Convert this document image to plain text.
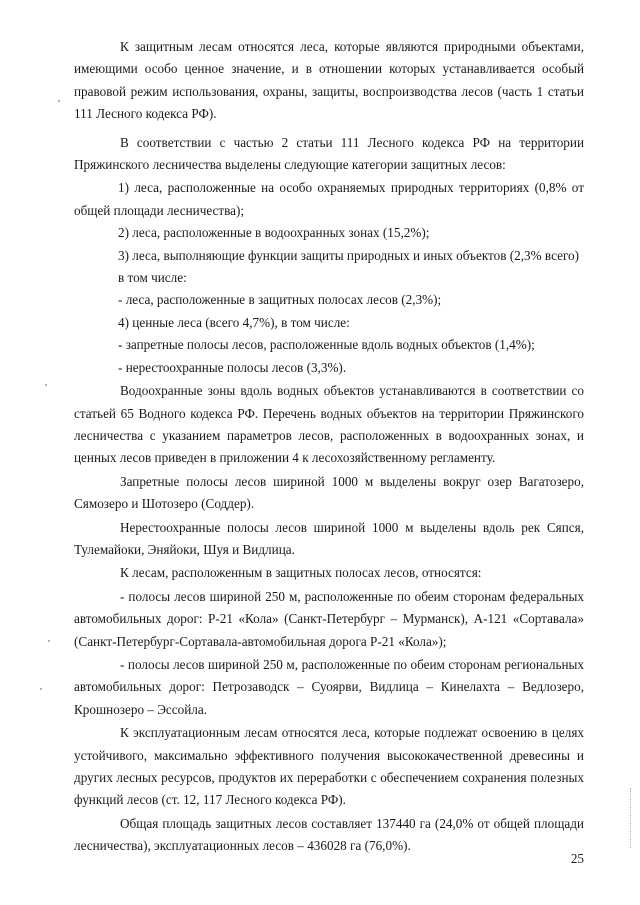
К защитным лесам относятся леса, которые являются природными объектами, имеющими особо ценное значение, и в отношении которых устанавливается особый правовой режим использования, охраны, защиты, воспроизводства лесов (часть 1 статьи 111 Лесного кодекса РФ).

В соответствии с частью 2 статьи 111 Лесного кодекса РФ на территории Пряжинского лесничества выделены следующие категории защитных лесов:

1) леса, расположенные на особо охраняемых природных территориях (0,8% от общей площади лесничества);

2) леса, расположенные в водоохранных зонах (15,2%);

3) леса, выполняющие функции защиты природных и иных объектов (2,3% всего)

в том числе:

- леса, расположенные в защитных полосах лесов (2,3%);

4) ценные леса (всего 4,7%), в том числе:

- запретные полосы лесов, расположенные вдоль водных объектов (1,4%);

- нерестоохранные полосы лесов (3,3%).

Водоохранные зоны вдоль водных объектов устанавливаются в соответствии со статьей 65 Водного кодекса РФ. Перечень водных объектов на территории Пряжинского лесничества с указанием параметров лесов, расположенных в водоохранных зонах, и ценных лесов приведен в приложении 4 к лесохозяйственному регламенту.

Запретные полосы лесов шириной 1000 м выделены вокруг озер Вагатозеро, Сямозеро и Шотозеро (Соддер).

Нерестоохранные полосы лесов шириной 1000 м выделены вдоль рек Сяпся, Тулемайоки, Эняйоки, Шуя и Видлица.

К лесам, расположенным в защитных полосах лесов, относятся:

- полосы лесов шириной 250 м, расположенные по обеим сторонам федеральных автомобильных дорог: Р-21 «Кола» (Санкт-Петербург – Мурманск), А-121 «Сортавала» (Санкт-Петербург-Сортавала-автомобильная дорога Р-21 «Кола»);

- полосы лесов шириной 250 м, расположенные по обеим сторонам региональных автомобильных дорог: Петрозаводск – Суоярви, Видлица – Кинелахта – Ведлозеро, Крошнозеро – Эссойла.

К эксплуатационным лесам относятся леса, которые подлежат освоению в целях устойчивого, максимально эффективного получения высококачественной древесины и других лесных ресурсов, продуктов их переработки с обеспечением сохранения полезных функций лесов (ст. 12, 117 Лесного кодекса РФ).

Общая площадь защитных лесов составляет 137440 га (24,0% от общей площади лесничества), эксплуатационных лесов – 436028 га (76,0%).

25
